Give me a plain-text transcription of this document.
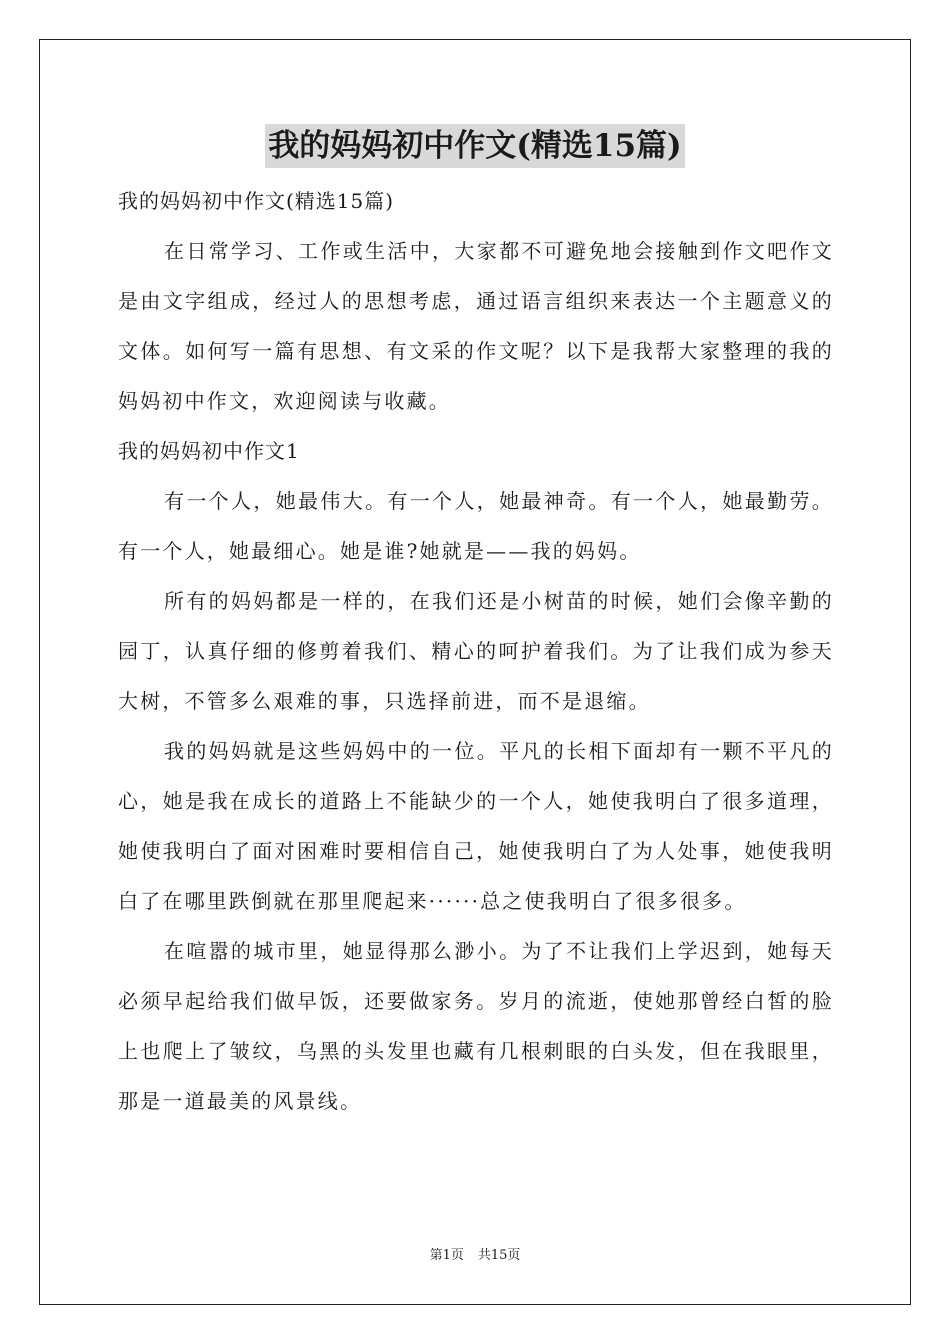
我的妈妈初中作文(精选15篇)
我的妈妈初中作文(精选15篇)

在日常学习、工作或生活中，大家都不可避免地会接触到作文吧作文是由文字组成，经过人的思想考虑，通过语言组织来表达一个主题意义的文体。如何写一篇有思想、有文采的作文呢？以下是我帮大家整理的我的妈妈初中作文，欢迎阅读与收藏。

我的妈妈初中作文1

有一个人，她最伟大。有一个人，她最神奇。有一个人，她最勤劳。有一个人，她最细心。她是谁?她就是——我的妈妈。

所有的妈妈都是一样的，在我们还是小树苗的时候，她们会像辛勤的园丁，认真仔细的修剪着我们、精心的呵护着我们。为了让我们成为参天大树，不管多么艰难的事，只选择前进，而不是退缩。

我的妈妈就是这些妈妈中的一位。平凡的长相下面却有一颗不平凡的心，她是我在成长的道路上不能缺少的一个人，她使我明白了很多道理，她使我明白了面对困难时要相信自己，她使我明白了为人处事，她使我明白了在哪里跌倒就在那里爬起来······总之使我明白了很多很多。

在喧嚣的城市里，她显得那么渺小。为了不让我们上学迟到，她每天必须早起给我们做早饭，还要做家务。岁月的流逝，使她那曾经白皙的脸上也爬上了皱纹，乌黑的头发里也藏有几根刺眼的白头发，但在我眼里，那是一道最美的风景线。

第1页 共15页
